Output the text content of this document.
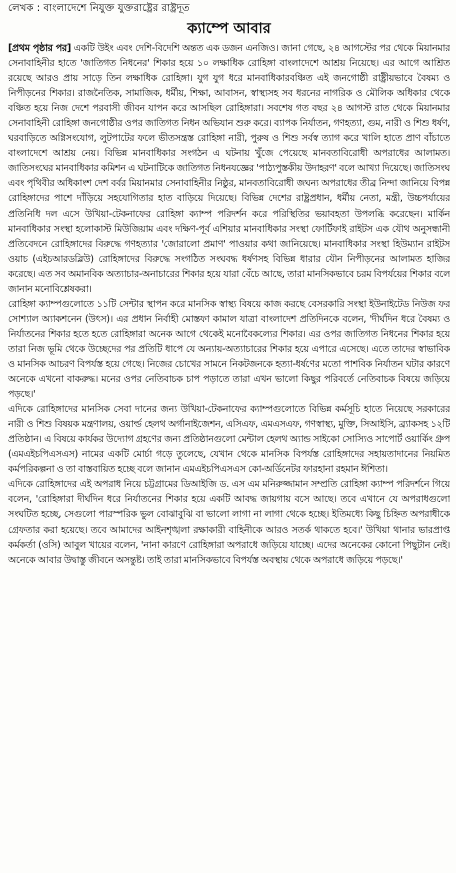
লেখক : বাংলাদেশে নিযুক্ত যুক্তরাষ্ট্রের রাষ্ট্রদূত
ক্যাম্পে আবার

[প্রথম পৃষ্ঠার পর] একটি উইং এবং দেশি-বিদেশি অন্তত এক ডজন এনজিও। জানা গেছে, ২৪ আগস্টের পর থেকে মিয়ানমার সেনাবাহিনীর হাতে 'জাতিগত নিধনের' শিকার হয়ে ১০ লক্ষাধিক রোহিঙ্গা বাংলাদেশে আশ্রয় নিয়েছে। এর আগে আশ্রিত রয়েছে আরও প্রায় সাড়ে তিন লক্ষাধিক রোহিঙ্গা। যুগ যুগ ধরে মানবাধিকারবঞ্চিত এই জনগোষ্ঠী রাষ্ট্রীয়ভাবে বৈষম্য ও নিপীড়নের শিকার। রাজনৈতিক, সামাজিক, ধর্মীয়, শিক্ষা, আবাসন, স্বাস্থ্যসহ সব ধরনের নাগরিক ও মৌলিক অধিকার থেকে বঞ্চিত হয়ে নিজ দেশে পরবাসী জীবন যাপন করে আসছিল রোহিঙ্গারা। সবশেষ গত বছর ২৪ আগস্ট রাত থেকে মিয়ানমার সেনাবাহিনী রোহিঙ্গা জনগোষ্ঠীর ওপর জাতিগত নিধন অভিযান শুরু করে। ব্যাপক নির্যাতন, গণহত্যা, গুম, নারী ও শিশু ধর্ষণ, ঘরবাড়িতে অগ্নিসংযোগ, লুটপাটের ফলে ভীতসন্ত্রস্ত রোহিঙ্গা নারী, পুরুষ ও শিশু সর্বস্ব ত্যাগ করে খালি হাতে প্রাণ বাঁচাতে বাংলাদেশে আশ্রয় নেয়। বিভিন্ন মানবাধিকার সংগঠন এ ঘটনায় খুঁজে পেয়েছে মানবতাবিরোধী অপরাধের আলামত। জাতিসংঘের মানবাধিকার কমিশন এ ঘটনাটিকে জাতিগত নিধনযজ্ঞের 'পাঠ্যপুস্তকীয় উদাহরণ' বলে আখ্যা দিয়েছে। জাতিসংঘ এবং পৃথিবীর অধিকাংশ দেশ বর্বর মিয়ানমার সেনাবাহিনীর নিষ্ঠুর, মানবতাবিরোধী জঘন্য অপরাধের তীব্র নিন্দা জানিয়ে বিপন্ন রোহিঙ্গাদের পাশে দাঁড়িয়ে সহযোগিতার হাত বাড়িয়ে দিয়েছে। বিভিন্ন দেশের রাষ্ট্রপ্রধান, ধর্মীয় নেতা, মন্ত্রী, উচ্চপর্যায়ের প্রতিনিধি দল এসে উখিয়া-টেকনাফের রোহিঙ্গা ক্যাম্প পরিদর্শন করে পরিস্থিতির ভয়াবহতা উপলব্ধি করেছেন। মার্কিন মানবাধিকার সংস্থা হলোকাস্ট মিউজিয়াম এবং দক্ষিণ-পূর্ব এশিয়ার মানবাধিকার সংস্থা ফোর্টিফাই রাইটস এক যৌথ অনুসন্ধানী প্রতিবেদনে রোহিঙ্গাদের বিরুদ্ধে গণহত্যার 'জোরালো প্রমাণ' পাওয়ার কথা জানিয়েছে। মানবাধিকার সংস্থা হিউম্যান রাইটস ওয়াচ (এইচআরডব্লিউ) রোহিঙ্গাদের বিরুদ্ধে সংগঠিত সংঘবদ্ধ ধর্ষণসহ বিভিন্ন ধারার যৌন নিপীড়নের আলামত হাজির করেছে। এত সব অমানবিক অত্যাচার-অনাচারের শিকার হয়ে যারা বেঁচে আছে, তারা মানসিকভাবে চরম বিপর্যয়ের শিকার বলে জানান মনোবিশ্লেষকরা।

রোহিঙ্গা ক্যাম্পগুলোতে ১১টি সেন্টার স্থাপন করে মানসিক স্বাস্থ্য বিষয়ে কাজ করছে বেসরকারি সংস্থা ইউনাইটেড নিউজ ফর সোশ্যাল অ্যাকশনেন (উৎস)। এর প্রধান নির্বাহী মোস্তফা কামাল যাত্রা বাংলাদেশ প্রতিদিনকে বলেন, 'দীর্ঘদিন ধরে বৈষম্য ও নির্যাতনের শিকার হতে হতে রোহিঙ্গারা অনেক আগে থেকেই মনোবৈকল্যের শিকার। এর ওপর জাতিগত নিধনের শিকার হয়ে তারা নিজ ভূমি থেকে উচ্ছেদের পর প্রতিটি ধাপে যে অন্যায়-অত্যাচারের শিকার হয়ে এপারে এসেছে। এতে তাদের স্বাভাবিক ও মানসিক আচরণ বিপর্যস্ত হয়ে গেছে। নিজের চোখের সামনে নিকটজনকে হত্যা-ধর্ষণের মতো পাশবিক নির্যাতন ঘটার কারণে অনেকে এখনো বাকরুদ্ধ। মনের ওপর নেতিবাচক চাপ পড়াতে তারা এখন ভালো কিছুর পরিবর্তে নেতিবাচক বিষয়ে জড়িয়ে পড়ছে।'

এদিকে রোহিঙ্গাদের মানসিক সেবা দানের জন্য উখিয়া-টেকনাফের ক্যাম্পগুলোতে বিভিন্ন কর্মসূচি হাতে নিয়েছে সরকারের নারী ও শিশু বিষয়ক মন্ত্রণালয়, ওয়ার্ল্ড হেলথ অর্গানাইজেশন, এসিএফ, এমএসএফ, গণস্বাস্থ্য, মুক্তি, সিআইসি, ব্র্যাকসহ ১২টি প্রতিষ্ঠান। এ বিষয়ে কার্যকর উদ্যোগ গ্রহণের জন্য প্রতিষ্ঠানগুলো মেন্টাল হেলথ অ্যান্ড সাইকো সোস্যিও সাপোর্ট ওয়ার্কিং গ্রুপ (এমএইচপিএসএস) নামের একটি মোর্চা গড়ে তুলেছে, যেখান থেকে মানসিক বিপর্যস্ত রোহিঙ্গাদের সহায়তাদানের নিয়মিত কর্মপরিকল্পনা ও তা বাস্তবায়িত হচ্ছে বলে জানান এমএইচপিএসএস কো-অর্ডিনেটর ফারহানা রহমান ঈশিতা।

এদিকে রোহিঙ্গাদের এই অপরাধ নিয়ে চট্টগ্রামের ডিআইজি ড. এস এম মনিরুজ্জামান সম্প্রতি রোহিঙ্গা ক্যাম্প পরিদর্শনে গিয়ে বলেন, 'রোহিঙ্গারা দীর্ঘদিন ধরে নির্যাতনের শিকার হয়ে একটি আবদ্ধ জায়গায় বসে আছে। তবে এখানে যে অপরাধগুলো সংঘটিত হচ্ছে, সেগুলো পারস্পরিক ভুল বোঝাবুঝি বা ভালো লাগা না লাগা থেকে হচ্ছে। ইতিমধ্যে কিছু চিহ্নিত অপরাধীকে গ্রেফতার করা হয়েছে। তবে আমাদের আইনশৃঙ্খলা রক্ষাকারী বাহিনীকে আরও সতর্ক থাকতে হবে।' উখিয়া থানার ভারপ্রাপ্ত কর্মকর্তা (ওসি) আবুল খায়ের বলেন, 'নানা কারণে রোহিঙ্গারা অপরাধে জড়িয়ে যাচ্ছে। এদের অনেকের কোনো পিছুটান নেই। অনেকে আবার উদ্বাস্তু জীবনে অসন্তুষ্ট। তাই তারা মানসিকভাবে বিপর্যস্ত অবস্থায় থেকে অপরাধে জড়িয়ে পড়ছে।'
